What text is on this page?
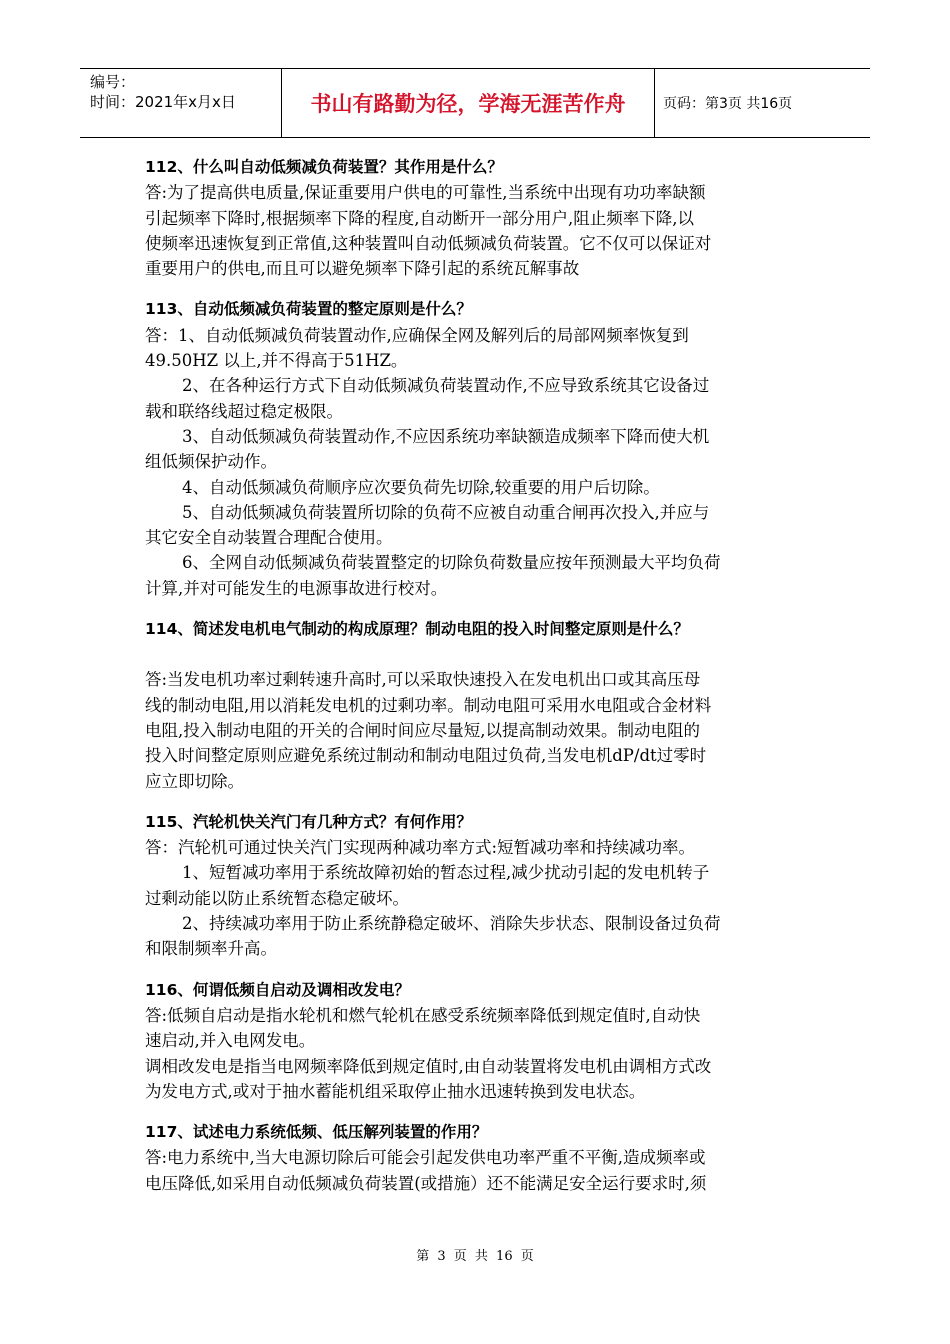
编号：
时间：2021年x月x日	书山有路勤为径，学海无涯苦作舟	页码：第3页 共16页
112、什么叫自动低频减负荷装置？其作用是什么？
答:为了提高供电质量,保证重要用户供电的可靠性,当系统中出现有功功率缺额
引起频率下降时,根据频率下降的程度,自动断开一部分用户,阻止频率下降,以
使频率迅速恢复到正常值,这种装置叫自动低频减负荷装置。它不仅可以保证对
重要用户的供电,而且可以避免频率下降引起的系统瓦解事故
113、自动低频减负荷装置的整定原则是什么？
答：1、自动低频减负荷装置动作,应确保全网及解列后的局部网频率恢复到
49.50HZ 以上,并不得高于51HZ。
2、在各种运行方式下自动低频减负荷装置动作,不应导致系统其它设备过
载和联络线超过稳定极限。
3、自动低频减负荷装置动作,不应因系统功率缺额造成频率下降而使大机
组低频保护动作。
4、自动低频减负荷顺序应次要负荷先切除,较重要的用户后切除。
5、自动低频减负荷装置所切除的负荷不应被自动重合闸再次投入,并应与
其它安全自动装置合理配合使用。
6、全网自动低频减负荷装置整定的切除负荷数量应按年预测最大平均负荷
计算,并对可能发生的电源事故进行校对。
114、简述发电机电气制动的构成原理？制动电阻的投入时间整定原则是什么？
答:当发电机功率过剩转速升高时,可以采取快速投入在发电机出口或其高压母
线的制动电阻,用以消耗发电机的过剩功率。制动电阻可采用水电阻或合金材料
电阻,投入制动电阻的开关的合闸时间应尽量短,以提高制动效果。制动电阻的
投入时间整定原则应避免系统过制动和制动电阻过负荷,当发电机dP/dt过零时
应立即切除。
115、汽轮机快关汽门有几种方式？有何作用？
答：汽轮机可通过快关汽门实现两种减功率方式:短暂减功率和持续减功率。
1、短暂减功率用于系统故障初始的暂态过程,减少扰动引起的发电机转子
过剩动能以防止系统暂态稳定破坏。
2、持续减功率用于防止系统静稳定破坏、消除失步状态、限制设备过负荷
和限制频率升高。
116、何谓低频自启动及调相改发电？
答:低频自启动是指水轮机和燃气轮机在感受系统频率降低到规定值时,自动快
速启动,并入电网发电。
调相改发电是指当电网频率降低到规定值时,由自动装置将发电机由调相方式改
为发电方式,或对于抽水蓄能机组采取停止抽水迅速转换到发电状态。
117、试述电力系统低频、低压解列装置的作用？
答:电力系统中,当大电源切除后可能会引起发供电功率严重不平衡,造成频率或
电压降低,如采用自动低频减负荷装置(或措施）还不能满足安全运行要求时,须
第 3 页 共 16 页
